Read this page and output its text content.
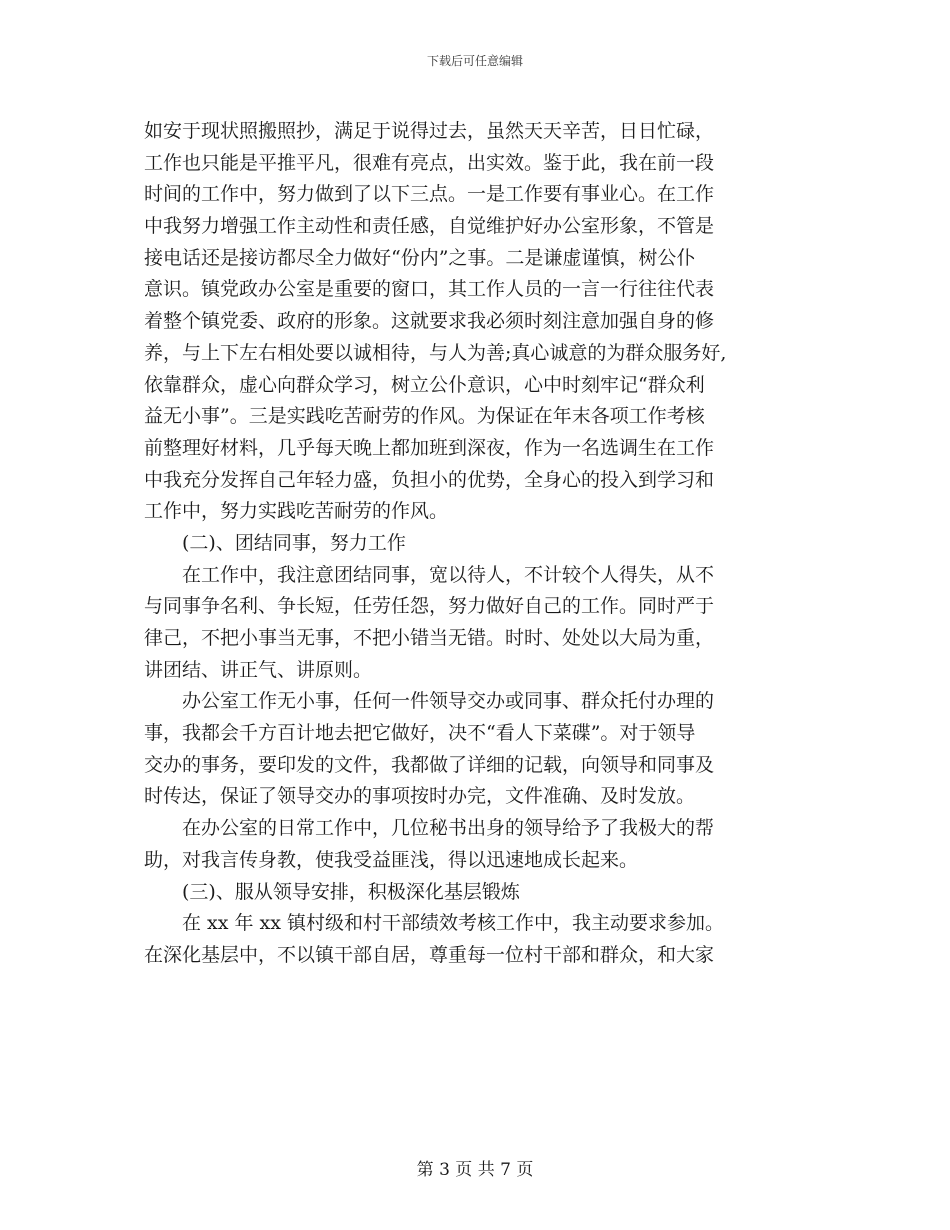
下载后可任意编辑
如安于现状照搬照抄，满足于说得过去，虽然天天辛苦，日日忙碌，
工作也只能是平推平凡，很难有亮点，出实效。鉴于此，我在前一段
时间的工作中，努力做到了以下三点。一是工作要有事业心。在工作
中我努力增强工作主动性和责任感，自觉维护好办公室形象，不管是
接电话还是接访都尽全力做好“份内”之事。二是谦虚谨慎，树公仆
意识。镇党政办公室是重要的窗口，其工作人员的一言一行往往代表
着整个镇党委、政府的形象。这就要求我必须时刻注意加强自身的修
养，与上下左右相处要以诚相待，与人为善;真心诚意的为群众服务好,
依靠群众，虚心向群众学习，树立公仆意识，心中时刻牢记“群众利
益无小事”。三是实践吃苦耐劳的作风。为保证在年末各项工作考核
前整理好材料，几乎每天晚上都加班到深夜，作为一名选调生在工作
中我充分发挥自己年轻力盛，负担小的优势，全身心的投入到学习和
工作中，努力实践吃苦耐劳的作风。
　　(二)、团结同事，努力工作
　　在工作中，我注意团结同事，宽以待人，不计较个人得失，从不
与同事争名利、争长短，任劳任怨，努力做好自己的工作。同时严于
律己，不把小事当无事，不把小错当无错。时时、处处以大局为重，
讲团结、讲正气、讲原则。
　　办公室工作无小事，任何一件领导交办或同事、群众托付办理的
事，我都会千方百计地去把它做好，决不“看人下菜碟”。对于领导
交办的事务，要印发的文件，我都做了详细的记载，向领导和同事及
时传达，保证了领导交办的事项按时办完，文件准确、及时发放。
　　在办公室的日常工作中，几位秘书出身的领导给予了我极大的帮
助，对我言传身教，使我受益匪浅，得以迅速地成长起来。
　　(三)、服从领导安排，积极深化基层锻炼
　　在 xx 年 xx 镇村级和村干部绩效考核工作中，我主动要求参加。
在深化基层中，不以镇干部自居，尊重每一位村干部和群众，和大家
第 3 页 共 7 页
